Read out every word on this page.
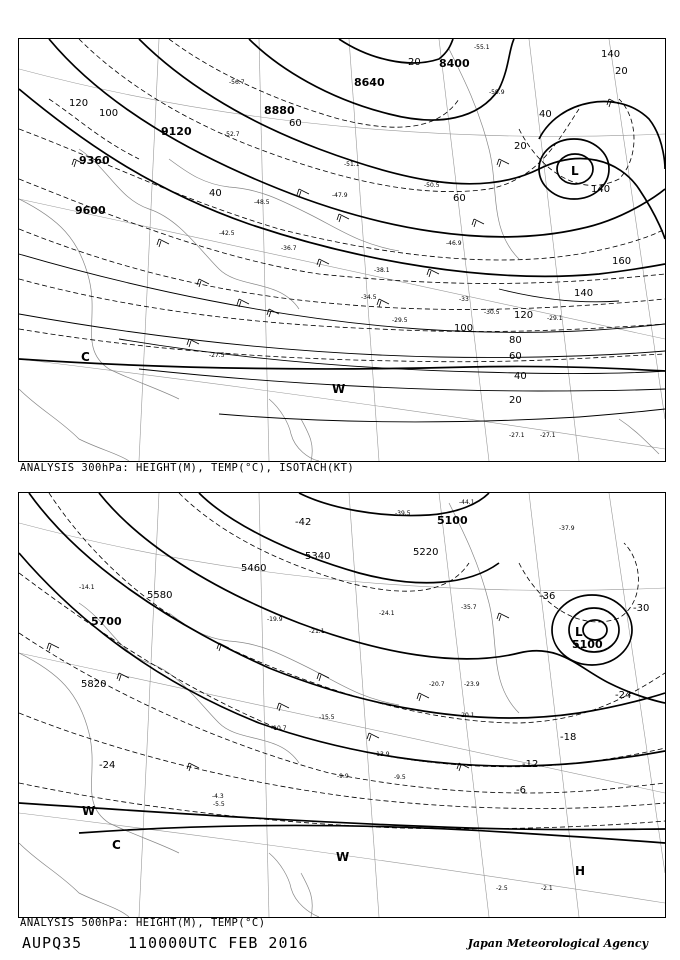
9600
9360
9120
8880
8640
8400
140
120
100
80
60
40
20
120
100
40
60
20
60
20
40
20
160
140
140
L
C
W
-27.5
-29.5
-33
-51.1
-50.5
-47.9
-48.5
-46.9
-38.1
-34.5
-30.5
-29.1
-27.1	-27.1
-55.1
-59.9
-56.7
-52.7
-42.5
-36.7
ANALYSIS 300hPa: HEIGHT(M), TEMP(°C), ISOTACH(KT)
5820
5700
5580
5460
5340	5220
5100
5100
-42
-36
-30
-24
-18
-12
-6
-24
L
H
W
C
W
-14.1
-19.9
-21.1
-24.1
-20.7
-15.5
-9.9	-9.5
-5.5
-2.5	-2.1
-4.3
-10.7
-13.9
-35.7
-39.5
-44.1
-37.9
-23.9
-20.1
ANALYSIS 500hPa: HEIGHT(M), TEMP(°C)
AUPQ35	110000UTC FEB 2016	Japan Meteorological Agency
